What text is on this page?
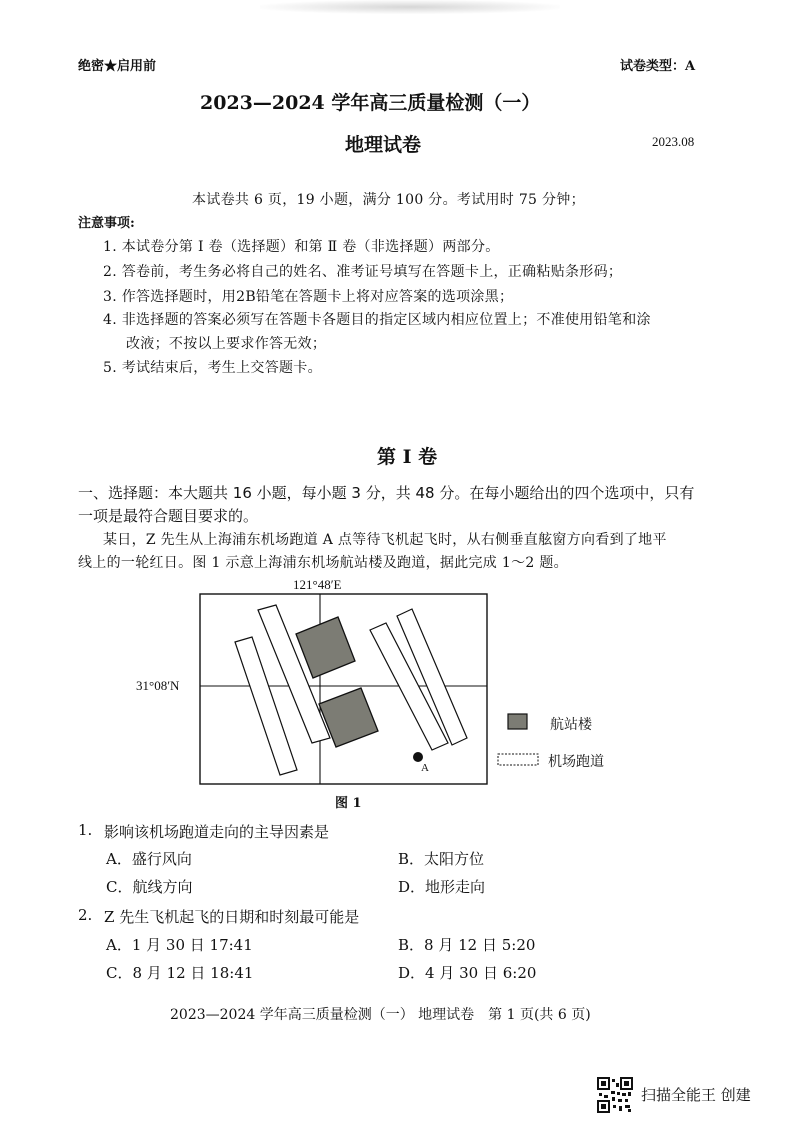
绝密★启用前	试卷类型：A
2023—2024 学年高三质量检测（一）
地理试卷	2023.08
本试卷共 6 页，19 小题，满分 100 分。考试用时 75 分钟；
注意事项:
1. 本试卷分第 Ⅰ 卷（选择题）和第 Ⅱ 卷（非选择题）两部分。
2. 答卷前，考生务必将自己的姓名、准考证号填写在答题卡上，正确粘贴条形码；
3. 作答选择题时，用2B铅笔在答题卡上将对应答案的选项涂黑；
4. 非选择题的答案必须写在答题卡各题目的指定区域内相应位置上；不准使用铅笔和涂
改液；不按以上要求作答无效；
5. 考试结束后，考生上交答题卡。
第 Ⅰ 卷
一、选择题：本大题共 16 小题，每小题 3 分，共 48 分。在每小题给出的四个选项中，只有
一项是最符合题目要求的。
某日，Z 先生从上海浦东机场跑道 A 点等待飞机起飞时，从右侧垂直舷窗方向看到了地平
线上的一轮红日。图 1 示意上海浦东机场航站楼及跑道，据此完成 1～2 题。
121°48′E
31°08′N
A
航站楼
机场跑道
图 1
1. 影响该机场跑道走向的主导因素是
A．盛行风向	B．太阳方位
C．航线方向	D．地形走向
2. Z 先生飞机起飞的日期和时刻最可能是
A．1 月 30 日 17:41	B．8 月 12 日 5:20
C．8 月 12 日 18:41	D．4 月 30 日 6:20
2023—2024 学年高三质量检测（一） 地理试卷　第 1 页(共 6 页)
扫描全能王 创建
